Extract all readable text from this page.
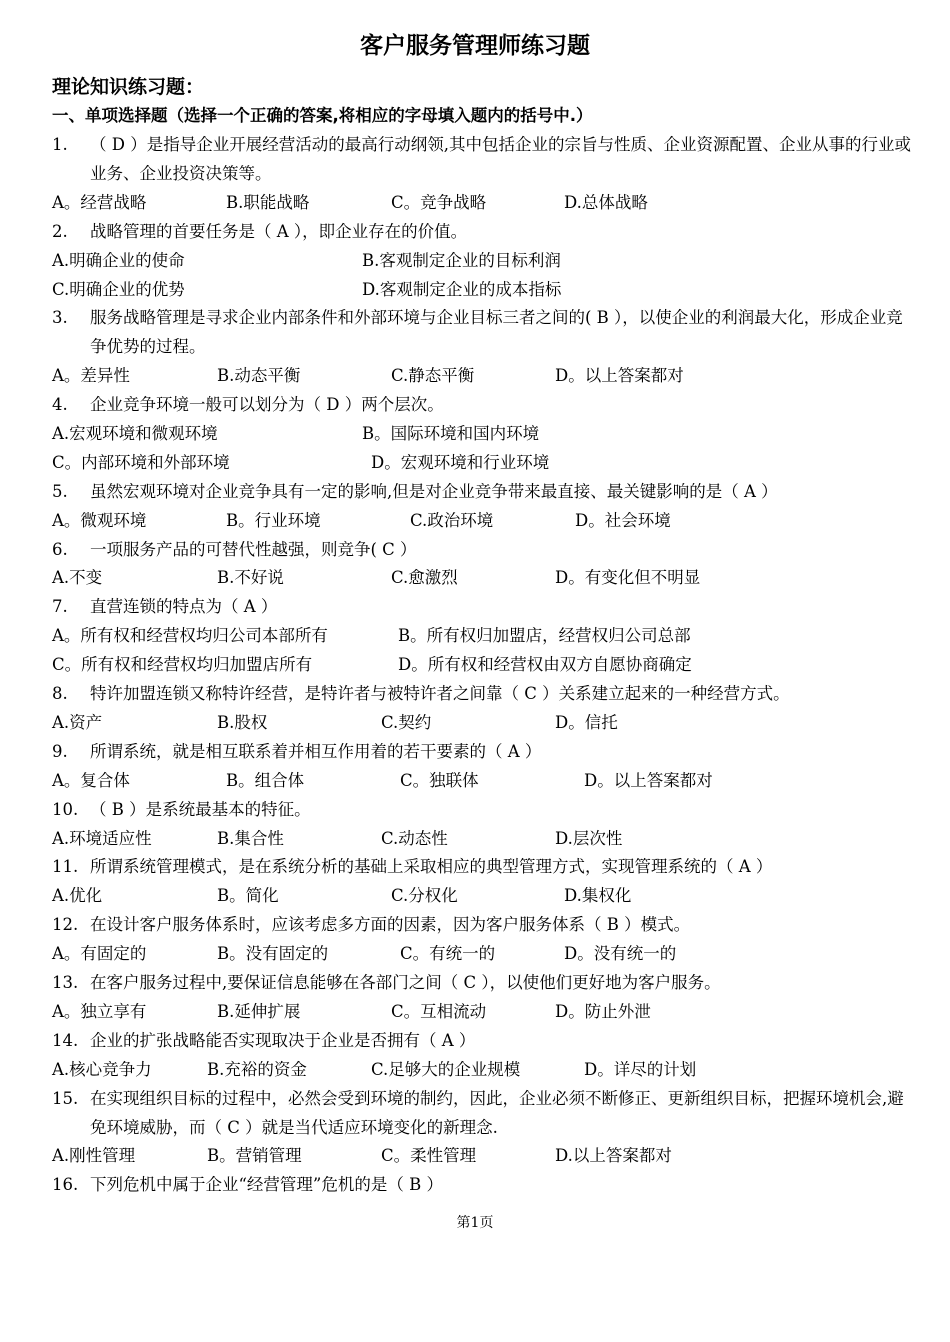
客户服务管理师练习题
理论知识练习题：
一、单项选择题（选择一个正确的答案,将相应的字母填入题内的括号中.）
1.	（ D ）是指导企业开展经营活动的最高行动纲领,其中包括企业的宗旨与性质、企业资源配置、企业从事的行业或业务、企业投资决策等。
A。经营战略	B.职能战略	C。竞争战略	D.总体战略
2.	战略管理的首要任务是（ A ），即企业存在的价值。
A.明确企业的使命	B.客观制定企业的目标利润
C.明确企业的优势	D.客观制定企业的成本指标
3.	服务战略管理是寻求企业内部条件和外部环境与企业目标三者之间的( B ），以使企业的利润最大化，形成企业竞争优势的过程。
A。差异性	B.动态平衡	C.静态平衡	D。以上答案都对
4.	企业竞争环境一般可以划分为（ D ）两个层次。
A.宏观环境和微观环境	B。国际环境和国内环境
C。内部环境和外部环境	D。宏观环境和行业环境
5.	虽然宏观环境对企业竞争具有一定的影响,但是对企业竞争带来最直接、最关键影响的是（ A ）
A。微观环境	B。行业环境	C.政治环境	D。社会环境
6.	一项服务产品的可替代性越强，则竞争( C ）
A.不变	B.不好说	C.愈激烈	D。有变化但不明显
7.	直营连锁的特点为（ A ）
A。所有权和经营权均归公司本部所有	B。所有权归加盟店，经营权归公司总部
C。所有权和经营权均归加盟店所有	D。所有权和经营权由双方自愿协商确定
8.	特许加盟连锁又称特许经营，是特许者与被特许者之间靠（ C ）关系建立起来的一种经营方式。
A.资产	B.股权	C.契约	D。信托
9.	所谓系统，就是相互联系着并相互作用着的若干要素的（ A ）
A。复合体	B。组合体	C。独联体	D。以上答案都对
10. （ B ）是系统最基本的特征。
A.环境适应性	B.集合性	C.动态性	D.层次性
11. 所谓系统管理模式，是在系统分析的基础上采取相应的典型管理方式，实现管理系统的（ A ）
A.优化	B。简化	C.分权化	D.集权化
12. 在设计客户服务体系时，应该考虑多方面的因素，因为客户服务体系（ B ）模式。
A。有固定的	B。没有固定的	C。有统一的	D。没有统一的
13. 在客户服务过程中,要保证信息能够在各部门之间（ C ），以使他们更好地为客户服务。
A。独立享有	B.延伸扩展	C。互相流动	D。防止外泄
14. 企业的扩张战略能否实现取决于企业是否拥有（ A ）
A.核心竞争力	B.充裕的资金	C.足够大的企业规模	D。详尽的计划
15. 在实现组织目标的过程中，必然会受到环境的制约，因此，企业必须不断修正、更新组织目标，把握环境机会,避免环境威胁，而（ C ）就是当代适应环境变化的新理念.
A.刚性管理	B。营销管理	C。柔性管理	D.以上答案都对
16. 下列危机中属于企业“经营管理”危机的是（ B ）
第1页
